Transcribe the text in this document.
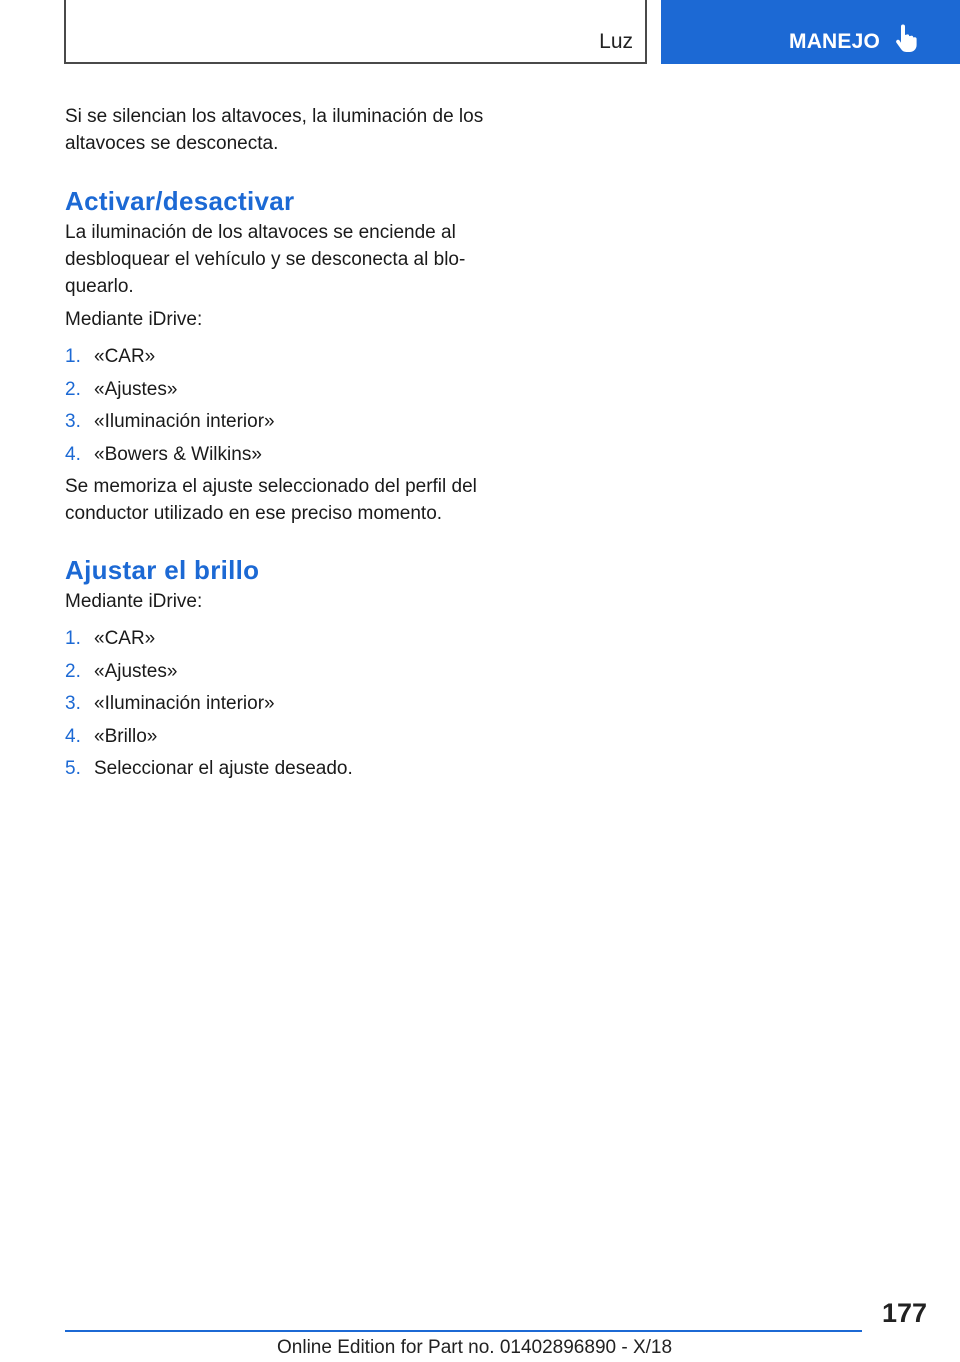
Luz	MANEJO

Si se silencian los altavoces, la iluminación de los altavoces se desconecta.

Activar/desactivar

La iluminación de los altavoces se enciende al desbloquear el vehículo y se desconecta al bloquearlo.

Mediante iDrive:

1. «CAR»
2. «Ajustes»
3. «Iluminación interior»
4. «Bowers & Wilkins»

Se memoriza el ajuste seleccionado del perfil del conductor utilizado en ese preciso momento.

Ajustar el brillo

Mediante iDrive:

1. «CAR»
2. «Ajustes»
3. «Iluminación interior»
4. «Brillo»
5. Seleccionar el ajuste deseado.
177
Online Edition for Part no. 01402896890 - X/18
